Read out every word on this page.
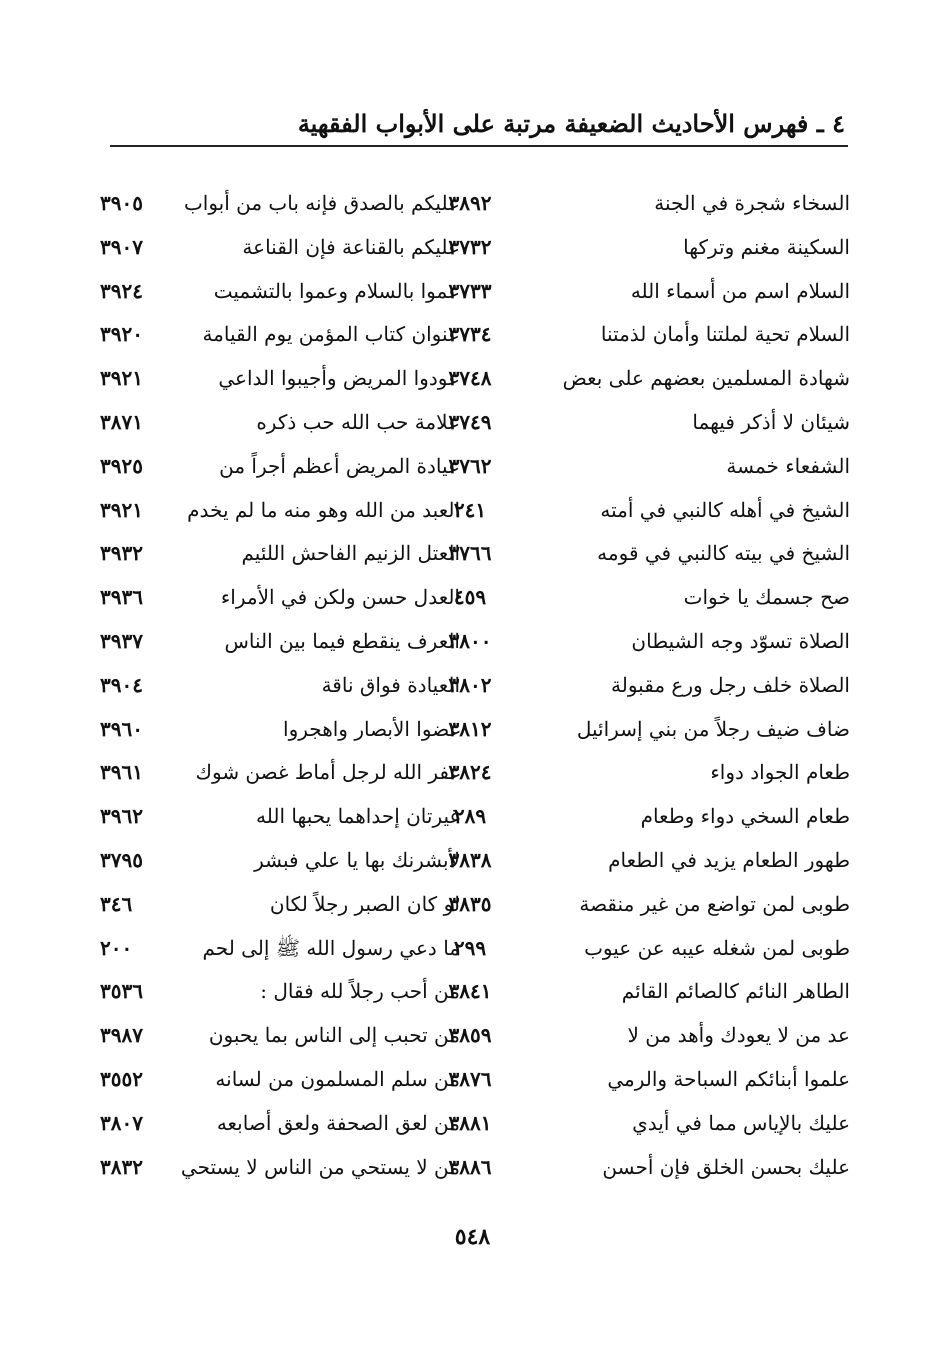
٤ ـ فهرس الأحاديث الضعيفة مرتبة على الأبواب الفقهية
السخاء شجرة في الجنة
٣٨٩٢
عليكم بالصدق فإنه باب من أبواب
٣٩٠٥
السكينة مغنم وتركها
٣٧٣٢
عليكم بالقناعة فإن القناعة
٣٩٠٧
السلام اسم من أسماء الله
٣٧٣٣
عموا بالسلام وعموا بالتشميت
٣٩٢٤
السلام تحية لملتنا وأمان لذمتنا
٣٧٣٤
عنوان كتاب المؤمن يوم القيامة
٣٩٢٠
شهادة المسلمين بعضهم على بعض
٣٧٤٨
عودوا المريض وأجيبوا الداعي
٣٩٢١
شيئان لا أذكر فيهما
٣٧٤٩
علامة حب الله حب ذكره
٣٨٧١
الشفعاء خمسة
٣٧٦٢
عيادة المريض أعظم أجراً من
٣٩٢٥
الشيخ في أهله كالنبي في أمته
٢٤١
العبد من الله وهو منه ما لم يخدم
٣٩٢١
الشيخ في بيته كالنبي في قومه
٣٧٦٦
العتل الزنيم الفاحش اللئيم
٣٩٣٢
صح جسمك يا خوات
٤٥٩
العدل حسن ولكن في الأمراء
٣٩٣٦
الصلاة تسوّد وجه الشيطان
٣٨٠٠
العرف ينقطع فيما بين الناس
٣٩٣٧
الصلاة خلف رجل ورع مقبولة
٣٨٠٢
العيادة فواق ناقة
٣٩٠٤
ضاف ضيف رجلاً من بني إسرائيل
٣٨١٢
غضوا الأبصار واهجروا
٣٩٦٠
طعام الجواد دواء
٣٨٢٤
غفر الله لرجل أماط غصن شوك
٣٩٦١
طعام السخي دواء وطعام
٢٨٩
غيرتان إحداهما يحبها الله
٣٩٦٢
طهور الطعام يزيد في الطعام
٣٨٣٨
لأبشرنك بها يا علي فبشر
٣٧٩٥
طوبى لمن تواضع من غير منقصة
٣٨٣٥
لو كان الصبر رجلاً لكان
٣٤٦
طوبى لمن شغله عيبه عن عيوب
٢٩٩
ما دعي رسول الله ﷺ إلى لحم
٢٠٠
الطاهر النائم كالصائم القائم
٣٨٤١
من أحب رجلاً لله فقال :
٣٥٣٦
عد من لا يعودك وأهد من لا
٣٨٥٩
من تحبب إلى الناس بما يحبون
٣٩٨٧
علموا أبنائكم السباحة والرمي
٣٨٧٦
من سلم المسلمون من لسانه
٣٥٥٢
عليك بالإياس مما في أيدي
٣٨٨١
من لعق الصحفة ولعق أصابعه
٣٨٠٧
عليك بحسن الخلق فإن أحسن
٣٨٨٦
من لا يستحي من الناس لا يستحي
٣٨٣٢
٥٤٨
